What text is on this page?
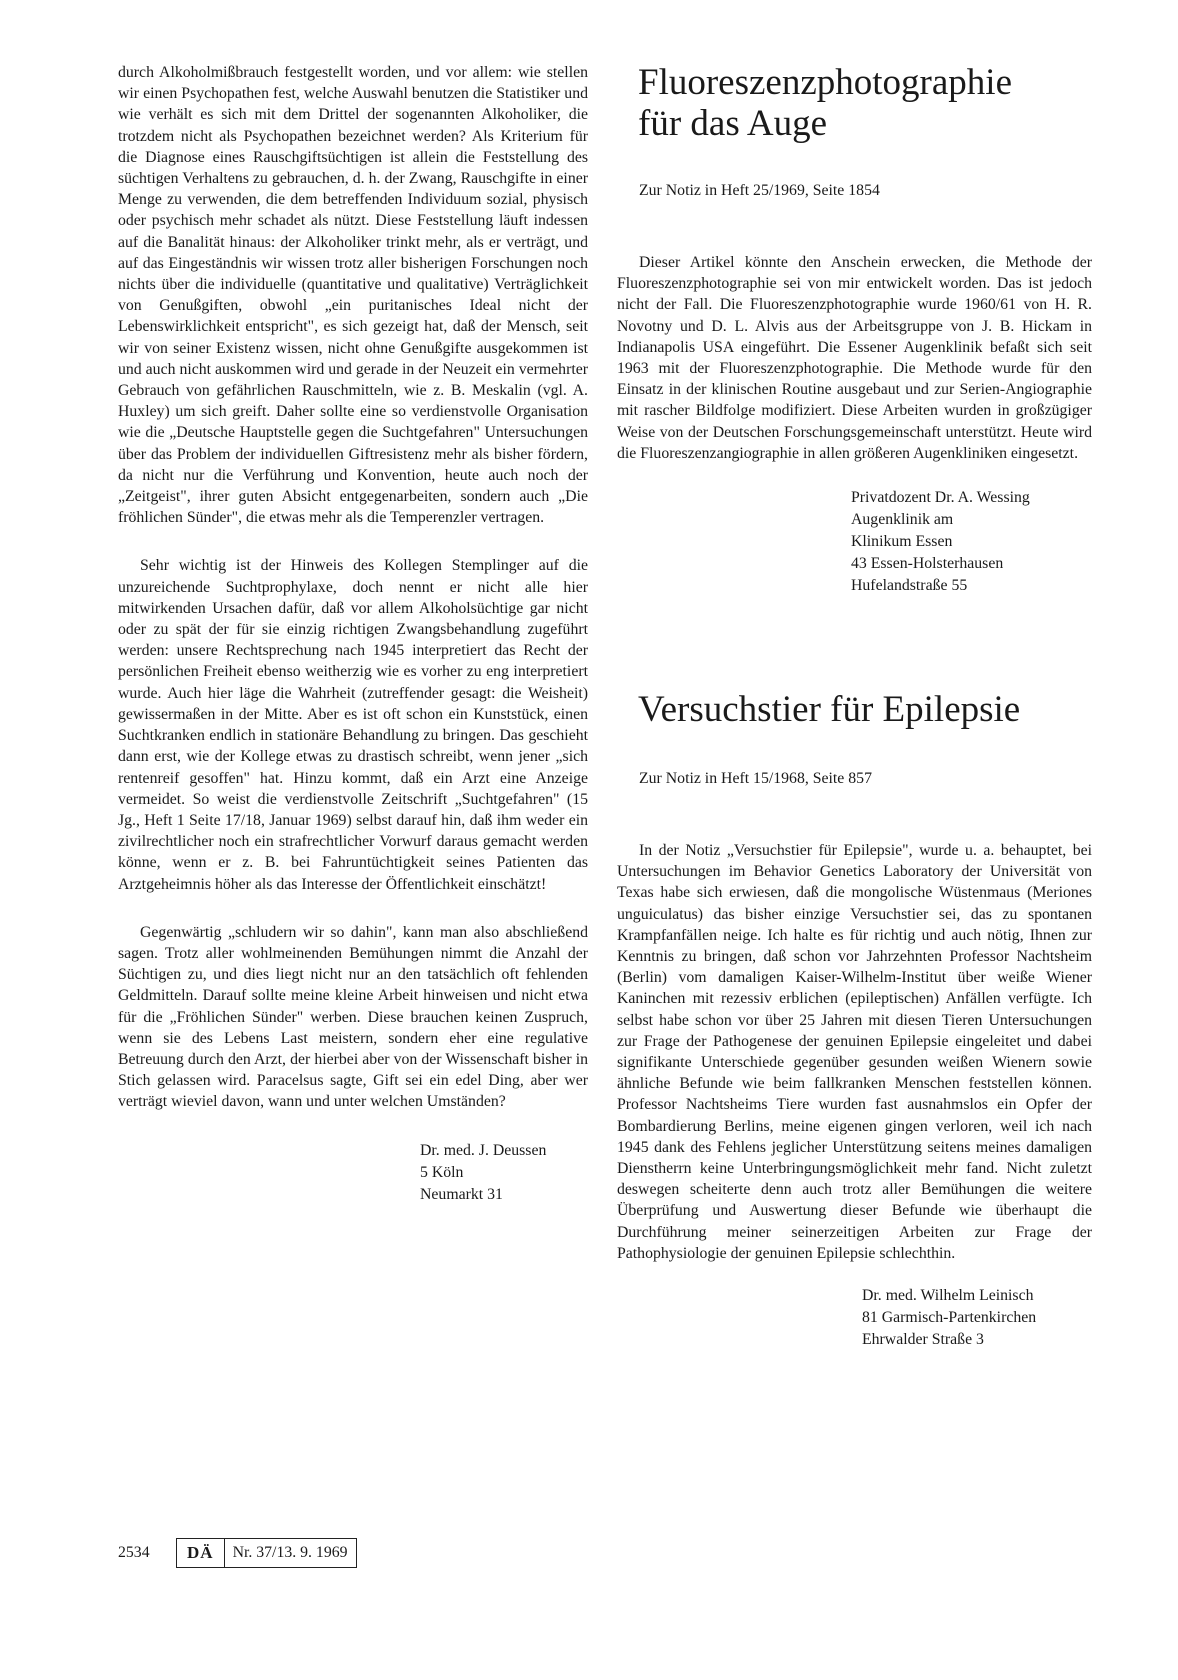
durch Alkoholmißbrauch festgestellt worden, und vor allem: wie stellen wir einen Psychopathen fest, welche Auswahl benutzen die Statistiker und wie verhält es sich mit dem Drittel der sogenannten Alkoholiker, die trotzdem nicht als Psychopathen bezeichnet werden? Als Kriterium für die Diagnose eines Rauschgiftsüchtigen ist allein die Feststellung des süchtigen Verhaltens zu gebrauchen, d. h. der Zwang, Rauschgifte in einer Menge zu verwenden, die dem betreffenden Individuum sozial, physisch oder psychisch mehr schadet als nützt. Diese Feststellung läuft indessen auf die Banalität hinaus: der Alkoholiker trinkt mehr, als er verträgt, und auf das Eingeständnis wir wissen trotz aller bisherigen Forschungen noch nichts über die individuelle (quantitative und qualitative) Verträglichkeit von Genußgiften, obwohl „ein puritanisches Ideal nicht der Lebenswirklichkeit entspricht", es sich gezeigt hat, daß der Mensch, seit wir von seiner Existenz wissen, nicht ohne Genußgifte ausgekommen ist und auch nicht auskommen wird und gerade in der Neuzeit ein vermehrter Gebrauch von gefährlichen Rauschmitteln, wie z. B. Meskalin (vgl. A. Huxley) um sich greift. Daher sollte eine so verdienstvolle Organisation wie die „Deutsche Hauptstelle gegen die Suchtgefahren" Untersuchungen über das Problem der individuellen Giftresistenz mehr als bisher fördern, da nicht nur die Verführung und Konvention, heute auch noch der „Zeitgeist", ihrer guten Absicht entgegenarbeiten, sondern auch „Die fröhlichen Sünder", die etwas mehr als die Temperenzler vertragen.

Sehr wichtig ist der Hinweis des Kollegen Stemplinger auf die unzureichende Suchtprophylaxe, doch nennt er nicht alle hier mitwirkenden Ursachen dafür, daß vor allem Alkoholsüchtige gar nicht oder zu spät der für sie einzig richtigen Zwangsbehandlung zugeführt werden: unsere Rechtsprechung nach 1945 interpretiert das Recht der persönlichen Freiheit ebenso weitherzig wie es vorher zu eng interpretiert wurde. Auch hier läge die Wahrheit (zutreffender gesagt: die Weisheit) gewissermaßen in der Mitte. Aber es ist oft schon ein Kunststück, einen Suchtkranken endlich in stationäre Behandlung zu bringen. Das geschieht dann erst, wie der Kollege etwas zu drastisch schreibt, wenn jener „sich rentenreif gesoffen" hat. Hinzu kommt, daß ein Arzt eine Anzeige vermeidet. So weist die verdienstvolle Zeitschrift „Suchtgefahren" (15 Jg., Heft 1 Seite 17/18, Januar 1969) selbst darauf hin, daß ihm weder ein zivilrechtlicher noch ein strafrechtlicher Vorwurf daraus gemacht werden könne, wenn er z. B. bei Fahruntüchtigkeit seines Patienten das Arztgeheimnis höher als das Interesse der Öffentlichkeit einschätzt!

Gegenwärtig „schludern wir so dahin", kann man also abschließend sagen. Trotz aller wohlmeinenden Bemühungen nimmt die Anzahl der Süchtigen zu, und dies liegt nicht nur an den tatsächlich oft fehlenden Geldmitteln. Darauf sollte meine kleine Arbeit hinweisen und nicht etwa für die „Fröhlichen Sünder" werben. Diese brauchen keinen Zuspruch, wenn sie des Lebens Last meistern, sondern eher eine regulative Betreuung durch den Arzt, der hierbei aber von der Wissenschaft bisher in Stich gelassen wird. Paracelsus sagte, Gift sei ein edel Ding, aber wer verträgt wieviel davon, wann und unter welchen Umständen?

Dr. med. J. Deussen
5 Köln
Neumarkt 31
Fluoreszenzphotographie
für das Auge
Zur Notiz in Heft 25/1969, Seite 1854

Dieser Artikel könnte den Anschein erwecken, die Methode der Fluoreszenzphotographie sei von mir entwickelt worden. Das ist jedoch nicht der Fall. Die Fluoreszenzphotographie wurde 1960/61 von H. R. Novotny und D. L. Alvis aus der Arbeitsgruppe von J. B. Hickam in Indianapolis USA eingeführt. Die Essener Augenklinik befaßt sich seit 1963 mit der Fluoreszenzphotographie. Die Methode wurde für den Einsatz in der klinischen Routine ausgebaut und zur Serien-Angiographie mit rascher Bildfolge modifiziert. Diese Arbeiten wurden in großzügiger Weise von der Deutschen Forschungsgemeinschaft unterstützt. Heute wird die Fluoreszenzangiographie in allen größeren Augenkliniken eingesetzt.

Privatdozent Dr. A. Wessing
Augenklinik am
Klinikum Essen
43 Essen-Holsterhausen
Hufelandstraße 55
Versuchstier für Epilepsie
Zur Notiz in Heft 15/1968, Seite 857

In der Notiz „Versuchstier für Epilepsie", wurde u. a. behauptet, bei Untersuchungen im Behavior Genetics Laboratory der Universität von Texas habe sich erwiesen, daß die mongolische Wüstenmaus (Meriones unguiculatus) das bisher einzige Versuchstier sei, das zu spontanen Krampfanfällen neige. Ich halte es für richtig und auch nötig, Ihnen zur Kenntnis zu bringen, daß schon vor Jahrzehnten Professor Nachtsheim (Berlin) vom damaligen Kaiser-Wilhelm-Institut über weiße Wiener Kaninchen mit rezessiv erblichen (epileptischen) Anfällen verfügte. Ich selbst habe schon vor über 25 Jahren mit diesen Tieren Untersuchungen zur Frage der Pathogenese der genuinen Epilepsie eingeleitet und dabei signifikante Unterschiede gegenüber gesunden weißen Wienern sowie ähnliche Befunde wie beim fallkranken Menschen feststellen können. Professor Nachtsheims Tiere wurden fast ausnahmslos ein Opfer der Bombardierung Berlins, meine eigenen gingen verloren, weil ich nach 1945 dank des Fehlens jeglicher Unterstützung seitens meines damaligen Dienstherrn keine Unterbringungsmöglichkeit mehr fand. Nicht zuletzt deswegen scheiterte denn auch trotz aller Bemühungen die weitere Überprüfung und Auswertung dieser Befunde wie überhaupt die Durchführung meiner seinerzeitigen Arbeiten zur Frage der Pathophysiologie der genuinen Epilepsie schlechthin.

Dr. med. Wilhelm Leinisch
81 Garmisch-Partenkirchen
Ehrwalder Straße 3
2534	DÄ	Nr. 37/13. 9. 1969
